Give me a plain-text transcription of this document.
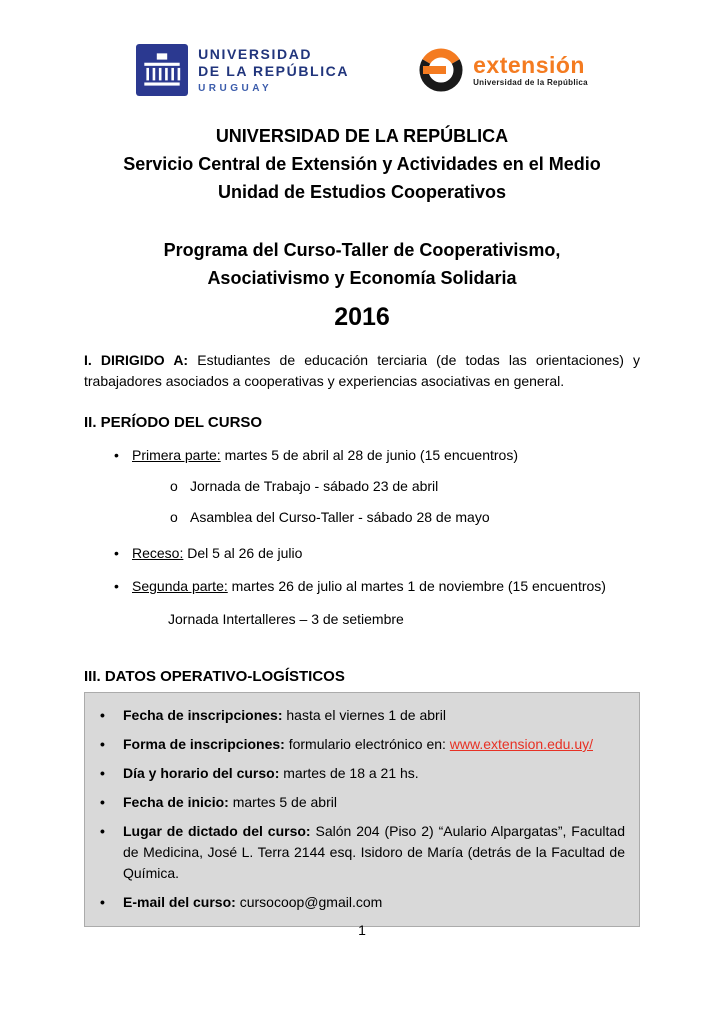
UNIVERSIDAD
DE LA REPÚBLICA
URUGUAY
extensión
Universidad de la República
UNIVERSIDAD DE LA REPÚBLICA
Servicio Central de Extensión y Actividades en el Medio
Unidad de Estudios Cooperativos
Programa del Curso-Taller de Cooperativismo,
Asociativismo y Economía Solidaria
2016

I. DIRIGIDO A: Estudiantes de educación terciaria (de todas las orientaciones) y trabajadores asociados a cooperativas y experiencias asociativas en general.

II. PERÍODO DEL CURSO
• Primera parte: martes 5 de abril al 28 de junio (15 encuentros)
o Jornada de Trabajo - sábado 23 de abril
o Asamblea del Curso-Taller - sábado 28 de mayo
• Receso: Del 5 al 26 de julio
• Segunda parte: martes 26 de julio al martes 1 de noviembre (15 encuentros)
Jornada Intertalleres – 3 de setiembre
III. DATOS OPERATIVO-LOGÍSTICOS
•	Fecha de inscripciones: hasta el viernes 1 de abril
•	Forma de inscripciones: formulario electrónico en: www.extension.edu.uy/
•	Día y horario del curso: martes de 18 a 21 hs.
•	Fecha de inicio: martes 5 de abril
•	Lugar de dictado del curso: Salón 204 (Piso 2) “Aulario Alpargatas”, Facultad de Medicina, José L. Terra 2144 esq. Isidoro de María (detrás de la Facultad de Química.
•	E-mail del curso: cursocoop@gmail.com
1
